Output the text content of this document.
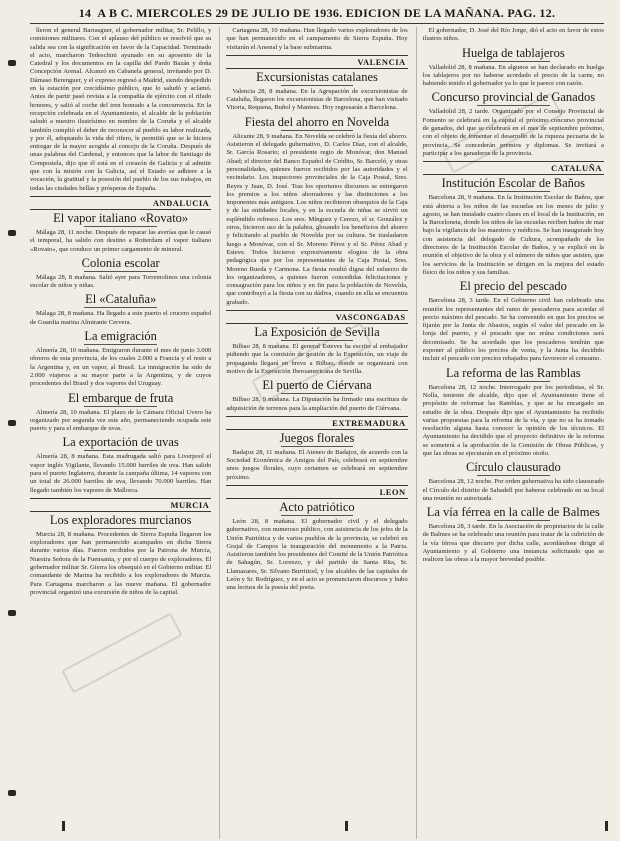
14 A B C. MIERCOLES 29 DE JULIO DE 1936. EDICION DE LA MAÑANA. PAG. 12.

lleron el general Barrasguer, el gobernador militar, Sr. Pelillo, y comisiones militares. Con el aplauso del público se resolvió que su salida sea con la significación en favor de la Capacidad. Terminado el acto, marcharon Tedeschini ayunado en su aposento de la Catedral y los documentos en la capilla del Pardo Bazán y doña Concepción Arenal. Alcanzó en Cabanela general, invitando por D. Dámaso Berenguer, y el expreso regresó a Madrid, siendo despedido en la estación por crecidísimo público, que lo saludó y aclamó. Antes de partir pasó revista a la compañía de ejército con el rifado honores, y salió al coche del tren honrado a la concurrencia. En la recepción celebrada en el Ayuntamiento, el alcalde de la población saludó a nuestro ilustrísimo en nombre de la Coruña y el alcalde también cumplió el deber de reconocer al pueblo su labor realizada, y por él, adoptando la vida del rifero, le permitió que se le hiciera entregar de la mayor acogida al concejo de la Coruña. Después de unas palabras del Cardenal, y entonces que la labor de Santiago de Compostela, dijo que él está en el corazón de Galicia y al admitir que con la misión con la Galicia, así el Estado se adhiere a la vocación, la gratitud y la posesión del pueblo de los sus trabajos, en todas las ciudades bellas y prósperas de España.

ANDALUCIA
El vapor italiano «Rovato»

Málaga 28, 11 noche. Después de reparar las averías que le causó el temporal, ha salido con destino a Rotterdam el vapor italiano «Rovato», que conduce un primer cargamento de mineral.

Colonia escolar

Málaga 28, 8 mañana. Salió ayer para Torremolinos una colonia escolar de niños y niñas.

El «Cataluña»

Málaga 28, 8 mañana. Ha llegado a este puerto el crucero español de Guardia marina Almirante Cervera.

La emigración

Almería 28, 10 mañana. Emigraron durante el mes de junio 3.000 obreros de esta provincia, de los cuales 2.000 a Francia y el resto a la Argentina y, en un vapor, al Brasil. La inmigración ha sido de 2.000 viajeros a su mayor parte a la Argentina, y de cuyos procedentes del Brasil y dos vapores del Uruguay.

El embarque de fruta

Almería 28, 10 mañana. El plazo de la Cámara Oficial Uvero ha organizado por segunda vez este año, permaneciendo ocupada este puerto y para el embarque de uvas.

La exportación de uvas

Almería 28, 8 mañana. Esta madrugada salió para Liverpool el vapor inglés Vigilante, llevando 15.000 barriles de uva. Han salido para el puerto Inglaterra, durante la campaña última, 14 vapores con un total de 26.000 barriles de uva, llevando 70.000 barriles. Han llegado también los vapores de Mallorca.

MURCIA
Los exploradores murcianos

Murcia 28, 8 mañana. Procedentes de Sierra Espuña llegaron los exploradores que han permanecido acampados en dicha Sierra durante varios días. Fueron recibidos por la Patrona de Murcia, Nuestra Señora de la Fuensanta, y por el cuerpo de exploradores. El gobernador militar Sr. Gierra los obsequió en el Gobierno militar. El comandante de Marina ha recibido a los exploradores de Murcia. Para Cartagena marcharon a las nueve mañana. El gobernador provincial organizó una excursión de niños de la capital.

Cartagena 28, 10 mañana. Han llegado varios exploradores de los que han permanecido en el campamento de Sierra Espuña. Hoy visitarán el Arsenal y la base submarina.

VALENCIA
Excursionistas catalanes

Valencia 28, 8 mañana. En la Agrupación de excursionistas de Cataluña, llegaron los excursionistas de Barcelona, que han visitado Vitoria, Requena, Buñol y Manises. Hoy regresarán a Barcelona.

Fiesta del ahorro en Novelda

Alicante 28, 9 mañana. En Novelda se celebró la fiesta del ahorro. Asistieron el delegado gubernativo, D. Carlos Díaz, con el alcalde, Sr. García Rosario; el presidente regio de Monóvar, don Manuel Abad; el director del Banco Español de Crédito, Sr. Barceló, y otras personalidades, quienes fueron recibidos por las autoridades y el vecindario. Los inspectores provinciales de la Caja Postal, Sres. Reyes y Juan, D. José. Tras los oportunos discursos se entregaron los premios a los niños ahorradores y las distinciones a los imponentes más antiguos. Los niños recibieron obsequios de la Caja y de las entidades locales, y en la escuela de niñas se sirvió un espléndido refresco. Los sres. Mínguez y Cerezo, el sr. González y otros, hicieron uso de la palabra, glosando los beneficios del ahorro y felicitando al pueblo de Novelda por su cultura. Se trasladaron luego a Monóvar, con el Sr. Moreno Pérez y el Sr. Pérez Abad y Esteve. Todos hicieron expresivamente elogios de la obra pedagógica que por los representantes de la Caja Postal, Sres. Moreno Rueda y Carmona. La fiesta resultó digna del esfuerzo de los organizadores, a quienes fueron concedidas felicitaciones y consagración para los niños y en fin para la población de Novelda, que contribuyó a la fiesta con su dádiva, cuando en ella se encuentra grabado.

VASCONGADAS
La Exposición de Sevilla

Bilbao 28, 8 mañana. El general Esteves ha escrito al embajador pidiendo que la comisión de gestión de la Exposición, un viaje de propaganda llegará en breve a Bilbao, donde se organizará con motivo de la Exposición Iberoamericana de Sevilla.

El puerto de Ciérvana

Bilbao 28, 9 mañana. La Diputación ha firmado una escritura de adquisición de terrenos para la ampliación del puerto de Ciérvana.

EXTREMADURA
Juegos florales

Badajoz 28, 11 mañana. El Ateneo de Badajoz, de acuerdo con la Sociedad Económica de Amigos del País, celebrará en septiembre unos juegos florales, cuyo certamen se celebrará en septiembre próximo.

LEON
Acto patriótico

León 28, 8 mañana. El gobernador civil y el delegado gubernativo, con numeroso público, con asistencia de los jefes de la Unión Patriótica y de varios pueblos de la provincia, se celebró en Grajal de Campos la inauguración del monumento a la Patria. Asistieron también los presidentes del Comité de la Unión Patriótica de Sahagún, Sr. Lorenzo, y del partido de Santa Rita, Sr. Llamazares, Sr. Silvano Burriticel, y los alcaldes de las capitales de León y Sr. Rodríguez, y en el acto se pronunciaron discursos y hubo una lectura de la poesía del poeta.

El gobernador, D. José del Río Jorge, dió el acto en favor de estos ilustres niños.

Huelga de tablajeros

Valladolid 28, 8 mañana. En algunos se han declarado en huelga los tablajeros por no haberse acordado el precio de la carne, no habiendo tenido el gobernador ya lo que le parece con razón.

Concurso provincial de Ganados

Valladolid 28, 2 tarde. Organizado por el Consejo Provincial de Fomento se celebrará en la capital el próximo concurso provincial de ganados, del que se celebrará en el mes de septiembre próximo, con el objeto de fomentar el desarrollo de la riqueza pecuaria de la provincia. Se concederán premios y diplomas. Se invitará a participar a los ganaderos de la provincia.

CATALUÑA
Institución Escolar de Baños

Barcelona 28, 9 mañana. En la Institución Escolar de Baños, que está abierta a los niños de las escuelas en los meses de julio y agosto, se han instalado cuatro clases en el local de la Institución, en la Barceloneta, donde los niños de las escuelas reciben baños de mar bajo la vigilancia de los maestros y médicos. Se han inaugurado hoy con asistencia del delegado de Cultura, acompañado de los directores de la Institución Escolar de Baños, y se explicó en la reunión el objetivo de la obra y el número de niños que asisten, que los servicios de la Institución se dirigen en la mejora del estado físico de los niños y sus familias.

El precio del pescado

Barcelona 28, 3 tarde. En el Gobierno civil han celebrado una reunión los representantes del ramo de pescaderos para acordar el precio máximo del pescado. Se ha convenido en que los precios se fijarán por la Junta de Abastos, según el valor del pescado en la lonja del puerto, y el pescado que no reúna condiciones será decomisado. Se ha acordado que los pescaderos tendrán que exponer al público los precios de venta, y la Junta ha decidido incluir el pescado con precios rebajados para favorecer el consumo.

La reforma de las Ramblas

Barcelona 28, 12 noche. Interrogado por los periodistas, el Sr. Nolla, teniente de alcalde, dijo que el Ayuntamiento tiene el propósito de reformar las Ramblas, y que se ha encargado un estudio de la obra. Después dijo que el Ayuntamiento ha recibido varias propuestas para la reforma de la vía, y que no se ha tomado resolución alguna hasta conocer la opinión de los técnicos. El Ayuntamiento ha decidido que el proyecto definitivo de la reforma se someterá a la aprobación de la Comisión de Obras Públicas, y que las obras se ejecutarán en el próximo otoño.

Círculo clausurado

Barcelona 28, 12 noche. Por orden gubernativa ha sido clausurado el Círculo del distrito de Sabadell por haberse celebrado en su local una reunión no autorizada.

La vía férrea en la calle de Balmes

Barcelona 28, 3 tarde. En la Asociación de propietarios de la calle de Balmes se ha celebrado una reunión para tratar de la cubrición de la vía férrea que discurre por dicha calle, acordándose dirigir al Ayuntamiento y al Gobierno una instancia solicitando que se realicen las obras a la mayor brevedad posible.
